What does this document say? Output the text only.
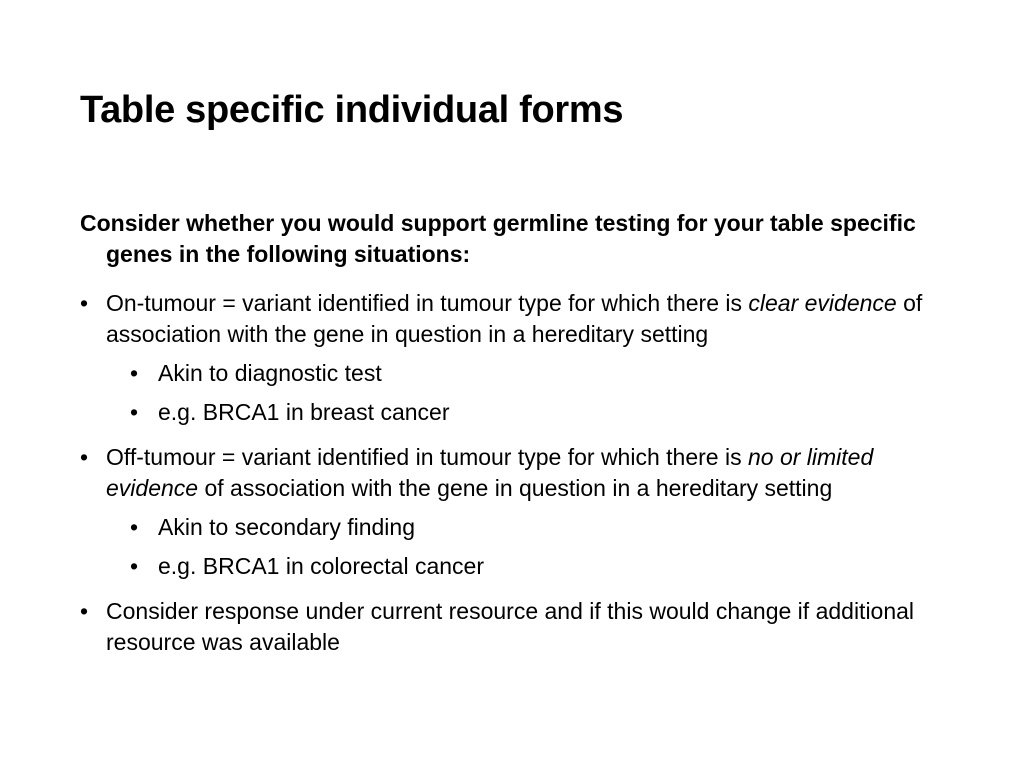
Table specific individual forms

Consider whether you would support germline testing for your table specific genes in the following situations:

• On-tumour = variant identified in tumour type for which there is clear evidence of association with the gene in question in a hereditary setting

• Akin to diagnostic test

• e.g. BRCA1 in breast cancer

• Off-tumour = variant identified in tumour type for which there is no or limited evidence of association with the gene in question in a hereditary setting

• Akin to secondary finding

• e.g. BRCA1 in colorectal cancer

• Consider response under current resource and if this would change if additional resource was available
